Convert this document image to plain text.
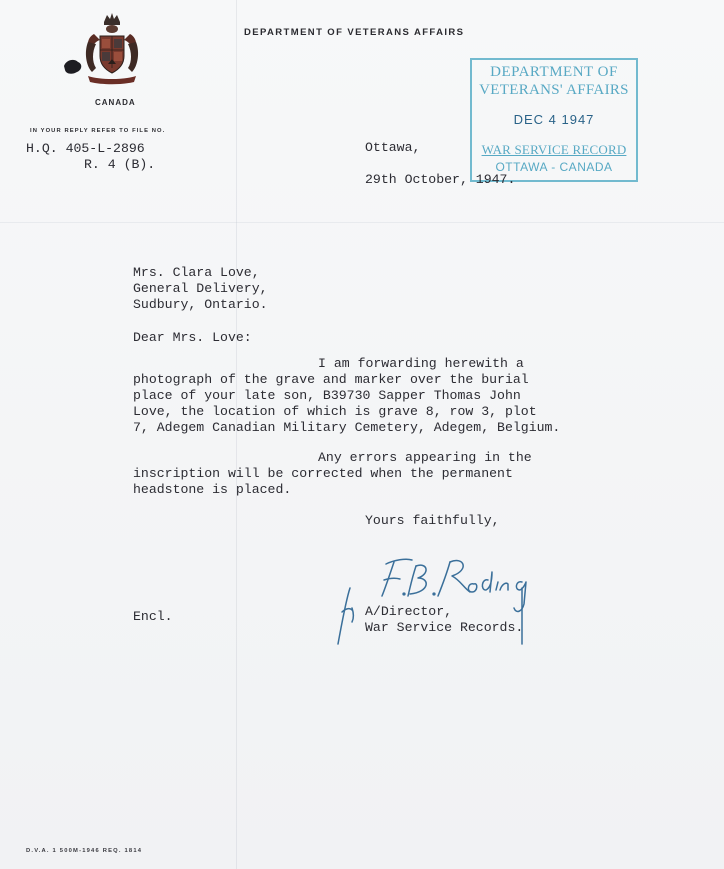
DEPARTMENT OF VETERANS AFFAIRS
CANADA
IN YOUR REPLY REFER TO FILE NO.
H.Q. 405-L-2896
R. 4 (B).
DEPARTMENT OF
VETERANS' AFFAIRS
DEC 4 1947
WAR SERVICE RECORD
OTTAWA - CANADA
Ottawa,
29th October, 1947.
Mrs. Clara Love,
General Delivery,
Sudbury, Ontario.
Dear Mrs. Love:
I am forwarding herewith a
photograph of the grave and marker over the burial
place of your late son, B39730 Sapper Thomas John
Love, the location of which is grave 8, row 3, plot
7, Adegem Canadian Military Cemetery, Adegem, Belgium.
Any errors appearing in the
inscription will be corrected when the permanent
headstone is placed.
Yours faithfully,
Encl.	A/Director,
War Service Records.
D.V.A. 1 500M-1946 REQ. 1814
